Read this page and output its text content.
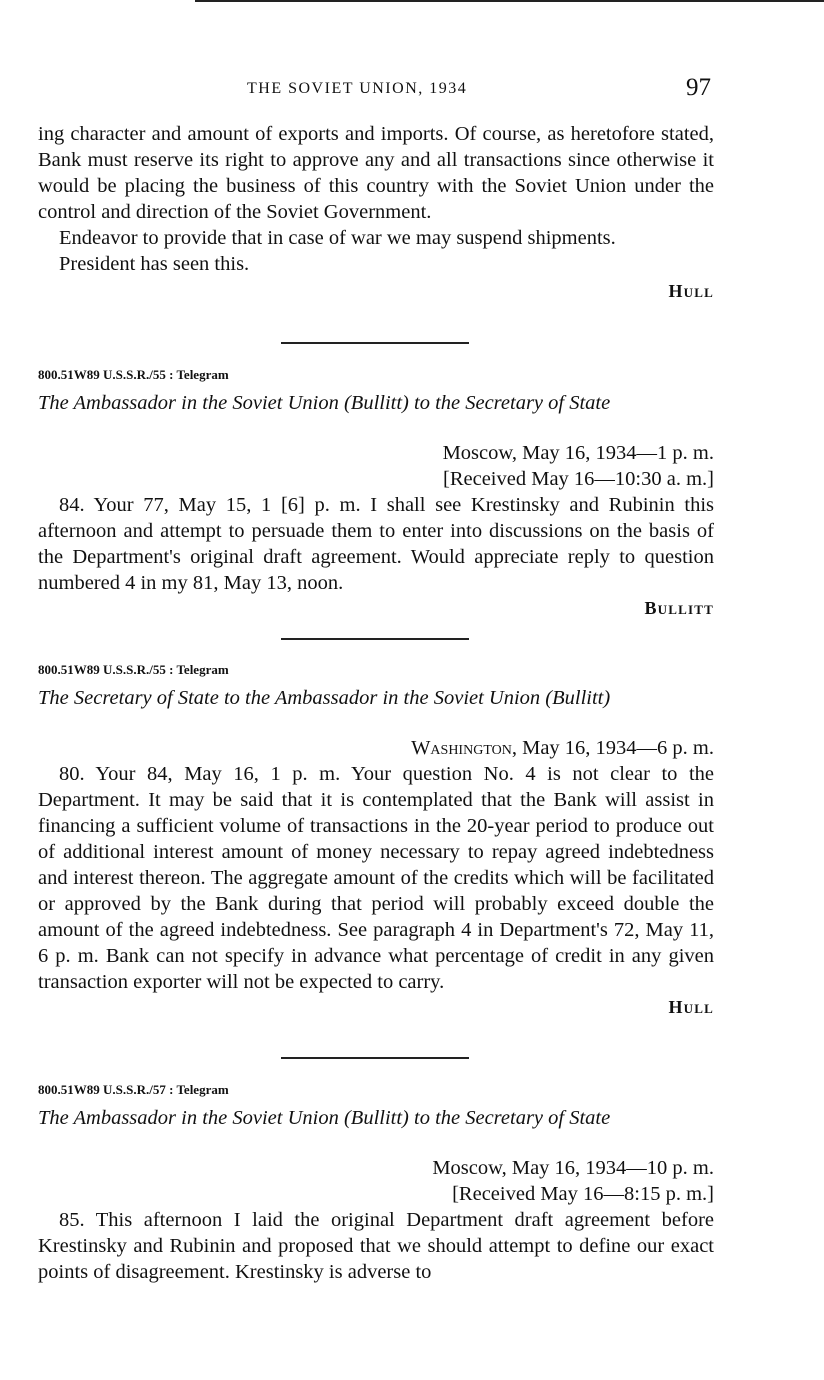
THE SOVIET UNION, 1934	97

ing character and amount of exports and imports. Of course, as heretofore stated, Bank must reserve its right to approve any and all transactions since otherwise it would be placing the business of this country with the Soviet Union under the control and direction of the Soviet Government.

Endeavor to provide that in case of war we may suspend shipments.

President has seen this.

Hull
800.51W89 U.S.S.R./55 : Telegram
The Ambassador in the Soviet Union (Bullitt) to the Secretary of State
Moscow, May 16, 1934—1 p. m.
[Received May 16—10:30 a. m.]

84. Your 77, May 15, 1 [6] p. m. I shall see Krestinsky and Rubinin this afternoon and attempt to persuade them to enter into discussions on the basis of the Department's original draft agreement. Would appreciate reply to question numbered 4 in my 81, May 13, noon.

Bullitt
800.51W89 U.S.S.R./55 : Telegram
The Secretary of State to the Ambassador in the Soviet Union (Bullitt)
Washington, May 16, 1934—6 p. m.

80. Your 84, May 16, 1 p. m. Your question No. 4 is not clear to the Department. It may be said that it is contemplated that the Bank will assist in financing a sufficient volume of transactions in the 20-year period to produce out of additional interest amount of money necessary to repay agreed indebtedness and interest thereon. The aggregate amount of the credits which will be facilitated or approved by the Bank during that period will probably exceed double the amount of the agreed indebtedness. See paragraph 4 in Department's 72, May 11, 6 p. m. Bank can not specify in advance what percentage of credit in any given transaction exporter will not be expected to carry.

Hull
800.51W89 U.S.S.R./57 : Telegram
The Ambassador in the Soviet Union (Bullitt) to the Secretary of State
Moscow, May 16, 1934—10 p. m.
[Received May 16—8:15 p. m.]

85. This afternoon I laid the original Department draft agreement before Krestinsky and Rubinin and proposed that we should attempt to define our exact points of disagreement. Krestinsky is adverse to
